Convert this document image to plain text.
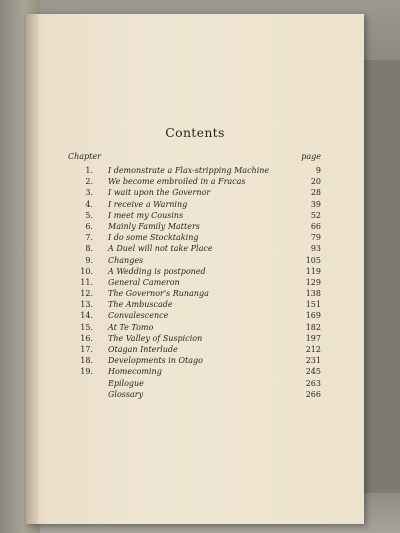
Contents
Chapter	page
1. I demonstrate a Flax-stripping Machine	9
2. We become embroiled in a Fracas	20
3. I wait upon the Governor	28
4. I receive a Warning	39
5. I meet my Cousins	52
6. Mainly Family Matters	66
7. I do some Stocktaking	79
8. A Duel will not take Place	93
9. Changes	105
10. A Wedding is postponed	119
11. General Cameron	129
12. The Governor's Runanga	138
13. The Ambuscade	151
14. Convalescence	169
15. At Te Tomo	182
16. The Valley of Suspicion	197
17. Otagan Interlude	212
18. Developments in Otago	231
19. Homecoming	245
Epilogue	263
Glossary	266
